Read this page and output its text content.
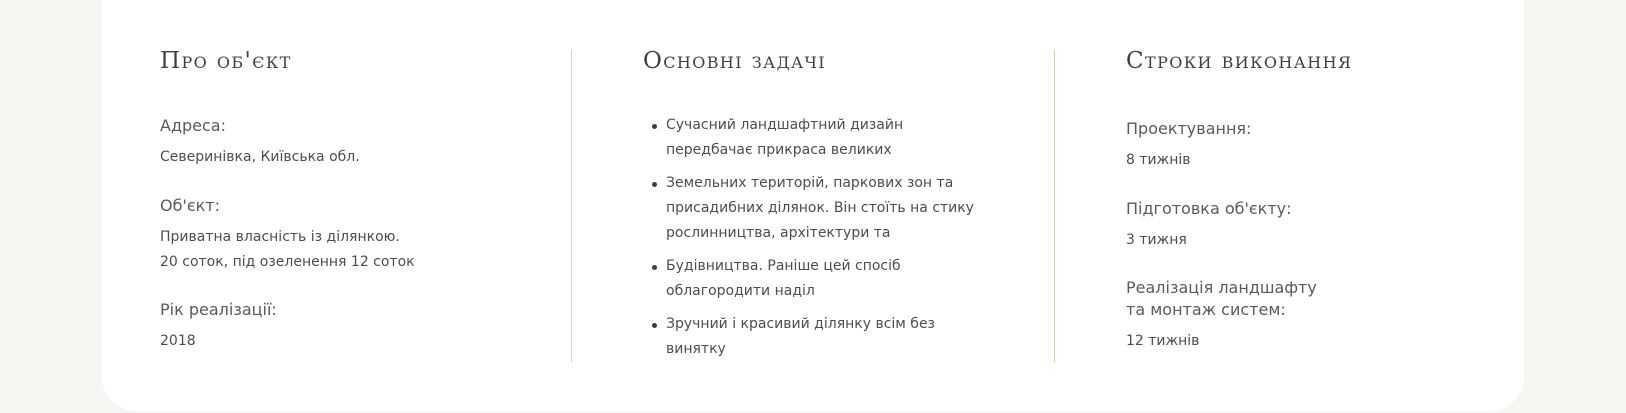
Про об'єкт

Адреса:

Северинівка, Київська обл.

Об'єкт:

Приватна власність із ділянкою.

20 соток, під озеленення 12 соток

Рік реалізації:

2018

Основні задачі
Сучасний ландшафтний дизайн
передбачає прикраса великих
Земельних територій, паркових зон та
присадибних ділянок. Він стоїть на стику
рослинництва, архітектури та
Будівництва. Раніше цей спосіб
облагородити наділ
Зручний і красивий ділянку всім без
винятку
Строки виконання

Проектування:

8 тижнів

Підготовка об'єкту:

3 тижня

Реалізація ландшафту

та монтаж систем:

12 тижнів
